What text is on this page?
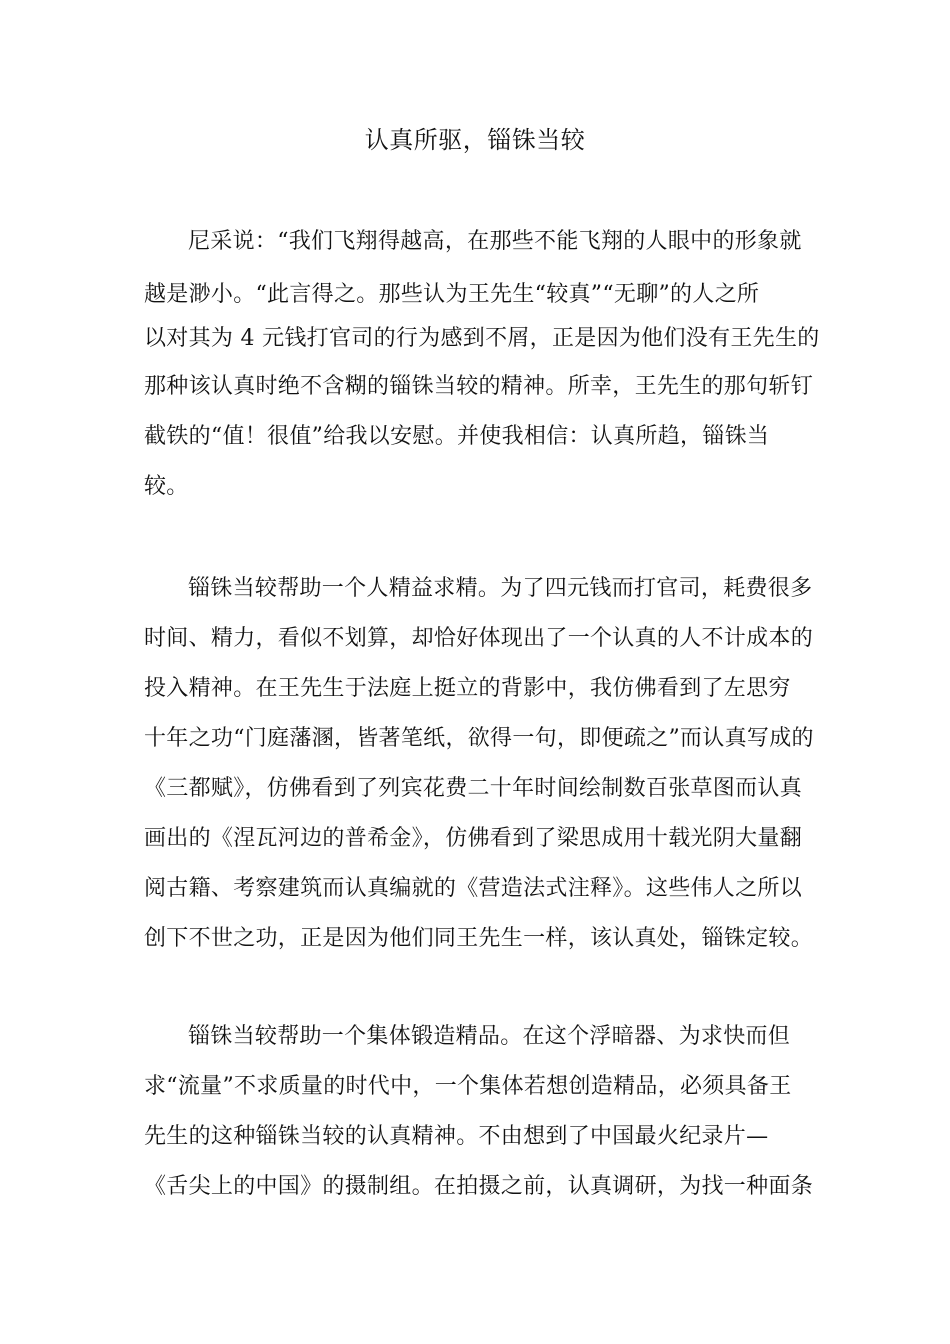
认真所驱，锱铢当较
尼采说：“我们飞翔得越高，在那些不能飞翔的人眼中的形象就
越是渺小。“此言得之。那些认为王先生“较真”“无聊”的人之所
以对其为 4 元钱打官司的行为感到不屑，正是因为他们没有王先生的
那种该认真时绝不含糊的锱铢当较的精神。所幸，王先生的那句斩钉
截铁的“值！很值”给我以安慰。并使我相信：认真所趋，锱铢当
较。
锱铢当较帮助一个人精益求精。为了四元钱而打官司，耗费很多
时间、精力，看似不划算，却恰好体现出了一个认真的人不计成本的
投入精神。在王先生于法庭上挺立的背影中，我仿佛看到了左思穷
十年之功“门庭藩溷，皆著笔纸，欲得一句，即便疏之”而认真写成的
《三都赋》，仿佛看到了列宾花费二十年时间绘制数百张草图而认真
画出的《涅瓦河边的普希金》，仿佛看到了梁思成用十载光阴大量翻
阅古籍、考察建筑而认真编就的《营造法式注释》。这些伟人之所以
创下不世之功，正是因为他们同王先生一样，该认真处，锱铢定较。
锱铢当较帮助一个集体锻造精品。在这个浮暗器、为求快而但
求“流量”不求质量的时代中，一个集体若想创造精品，必须具备王
先生的这种锱铢当较的认真精神。不由想到了中国最火纪录片—
《舌尖上的中国》的摄制组。在拍摄之前，认真调研，为找一种面条
